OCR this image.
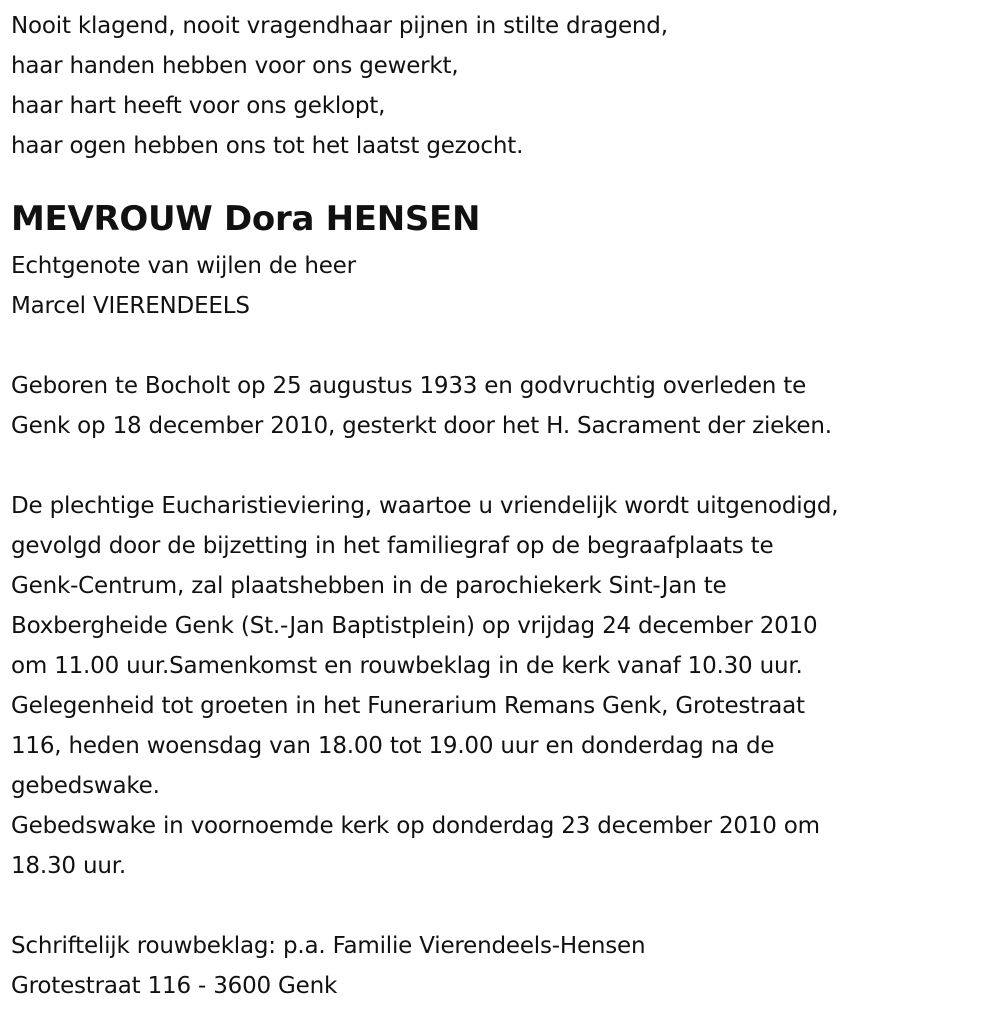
Nooit klagend, nooit vragendhaar pijnen in stilte dragend,
haar handen hebben voor ons gewerkt,
haar hart heeft voor ons geklopt,
haar ogen hebben ons tot het laatst gezocht.
MEVROUW Dora HENSEN
Echtgenote van wijlen de heer
Marcel VIERENDEELS
Geboren te Bocholt op 25 augustus 1933 en godvruchtig overleden te
Genk op 18 december 2010, gesterkt door het H. Sacrament der zieken.
De plechtige Eucharistieviering, waartoe u vriendelijk wordt uitgenodigd,
gevolgd door de bijzetting in het familiegraf op de begraafplaats te
Genk-Centrum, zal plaatshebben in de parochiekerk Sint-Jan te
Boxbergheide Genk (St.-Jan Baptistplein) op vrijdag 24 december 2010
om 11.00 uur.Samenkomst en rouwbeklag in de kerk vanaf 10.30 uur.
Gelegenheid tot groeten in het Funerarium Remans Genk, Grotestraat
116, heden woensdag van 18.00 tot 19.00 uur en donderdag na de
gebedswake.
Gebedswake in voornoemde kerk op donderdag 23 december 2010 om
18.30 uur.
Schriftelijk rouwbeklag: p.a. Familie Vierendeels-Hensen
Grotestraat 116 - 3600 Genk
